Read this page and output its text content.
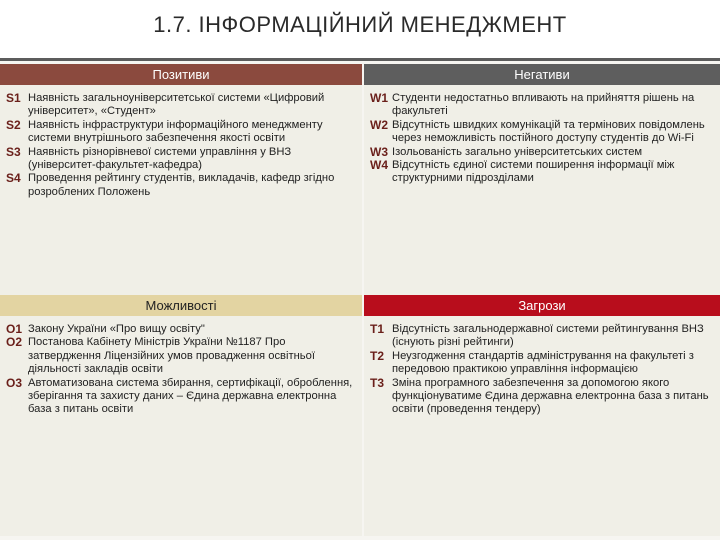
1.7. ІНФОРМАЦІЙНИЙ МЕНЕДЖМЕНТ
Позитиви
S1 Наявність загальноуніверситетської системи «Цифровий університет», «Студент»
S2 Наявність інфраструктури інформаційного менеджменту системи внутрішнього забезпечення якості освіти
S3 Наявність різнорівневої системи управління у ВНЗ (університет-факультет-кафедра)
S4 Проведення рейтингу студентів, викладачів, кафедр згідно розроблених Положень
Негативи
W1 Студенти недостатньо впливають на прийняття рішень на факультеті
W2 Відсутність швидких комунікацій та термінових повідомлень через неможливість постійного доступу студентів до Wi-Fi
W3 Ізольованість загально університетських систем
W4 Відсутність єдиної системи поширення інформації між структурними підрозділами
Можливості
O1 Закону України «Про вищу освіту"
O2 Постанова Кабінету Міністрів України №1187 Про затвердження Ліцензійних умов провадження освітньої діяльності закладів освіти
O3 Автоматизована система збирання, сертифікації, оброблення, зберігання та захисту даних – Єдина державна електронна база з питань освіти
Загрози
T1 Відсутність загальнодержавної системи рейтингування ВНЗ (існують різні рейтинги)
T2 Неузгодження стандартів адміністрування на факультеті з передовою практикою управління інформацією
T3 Зміна програмного забезпечення за допомогою якого функціонуватиме Єдина державна електронна база з питань освіти (проведення тендеру)
